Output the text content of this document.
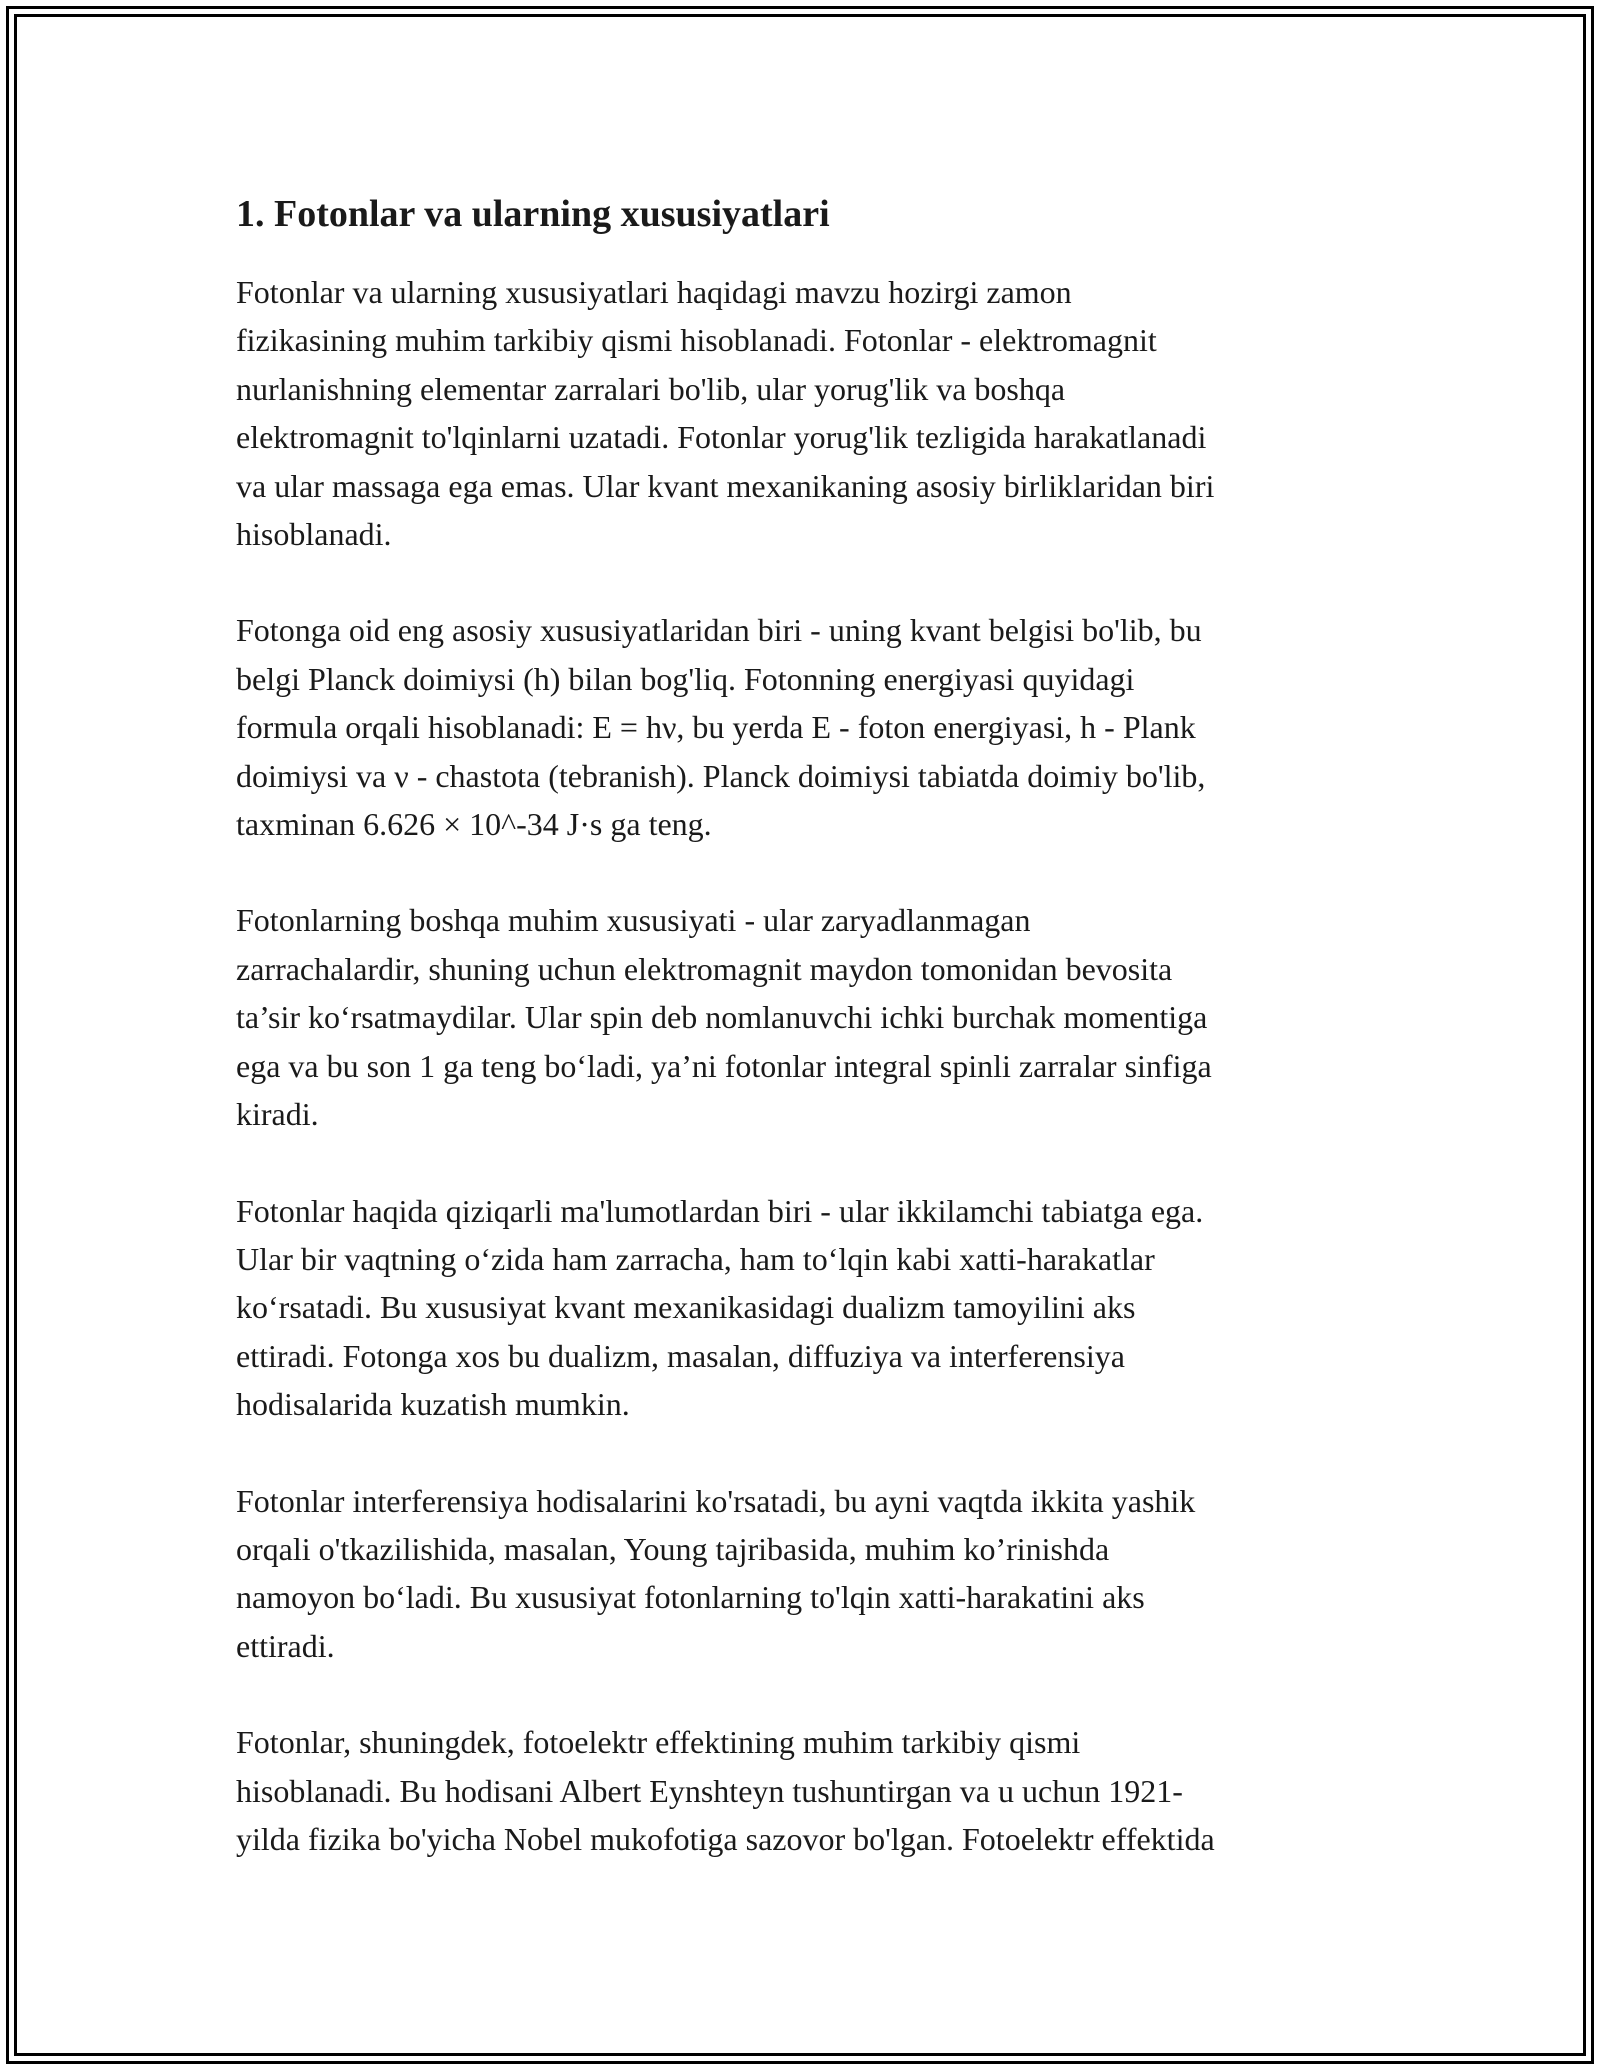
1. Fotonlar va ularning xususiyatlari

Fotonlar va ularning xususiyatlari haqidagi mavzu hozirgi zamon
fizikasining muhim tarkibiy qismi hisoblanadi. Fotonlar - elektromagnit
nurlanishning elementar zarralari bo'lib, ular yorug'lik va boshqa
elektromagnit to'lqinlarni uzatadi. Fotonlar yorug'lik tezligida harakatlanadi
va ular massaga ega emas. Ular kvant mexanikaning asosiy birliklaridan biri
hisoblanadi.

Fotonga oid eng asosiy xususiyatlaridan biri - uning kvant belgisi bo'lib, bu
belgi Planck doimiysi (h) bilan bog'liq. Fotonning energiyasi quyidagi
formula orqali hisoblanadi: E = hν, bu yerda E - foton energiyasi, h - Plank
doimiysi va ν - chastota (tebranish). Planck doimiysi tabiatda doimiy bo'lib,
taxminan 6.626 × 10^-34 J·s ga teng.

Fotonlarning boshqa muhim xususiyati - ular zaryadlanmagan
zarrachalardir, shuning uchun elektromagnit maydon tomonidan bevosita
ta’sir ko‘rsatmaydilar. Ular spin deb nomlanuvchi ichki burchak momentiga
ega va bu son 1 ga teng bo‘ladi, ya’ni fotonlar integral spinli zarralar sinfiga
kiradi.

Fotonlar haqida qiziqarli ma'lumotlardan biri - ular ikkilamchi tabiatga ega.
Ular bir vaqtning o‘zida ham zarracha, ham to‘lqin kabi xatti-harakatlar
ko‘rsatadi. Bu xususiyat kvant mexanikasidagi dualizm tamoyilini aks
ettiradi. Fotonga xos bu dualizm, masalan, diffuziya va interferensiya
hodisalarida kuzatish mumkin.

Fotonlar interferensiya hodisalarini ko'rsatadi, bu ayni vaqtda ikkita yashik
orqali o'tkazilishida, masalan, Young tajribasida, muhim ko’rinishda
namoyon bo‘ladi. Bu xususiyat fotonlarning to'lqin xatti-harakatini aks
ettiradi.

Fotonlar, shuningdek, fotoelektr effektining muhim tarkibiy qismi
hisoblanadi. Bu hodisani Albert Eynshteyn tushuntirgan va u uchun 1921-
yilda fizika bo'yicha Nobel mukofotiga sazovor bo'lgan. Fotoelektr effektida
